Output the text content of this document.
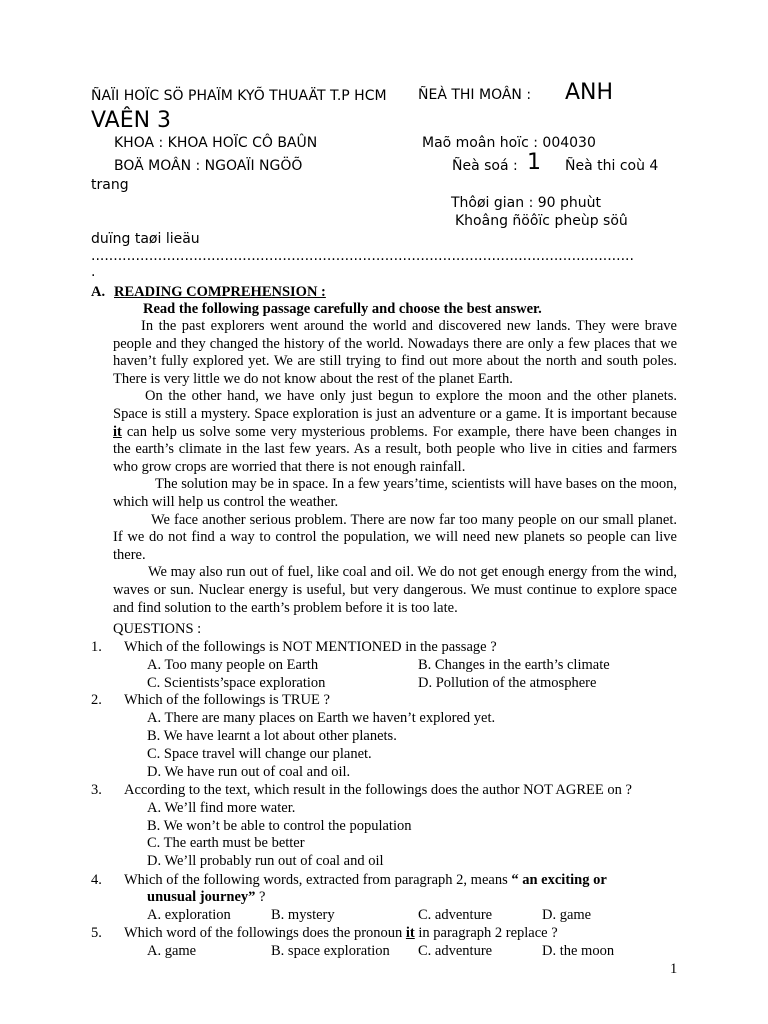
ÑAÏI HOÏC SÖ PHAÏM KYÕ THUAÄT T.P HCM ÑEÀ THI MOÂN : ANH
VAÊN 3
KHOA : KHOA HOÏC CÔ BAÛN	Maõ moân hoïc : 004030
BOÄ MOÂN : NGOAÏI NGÖÕ	Ñeà soá : 1 Ñeà thi coù 4
trang
Thôøi gian : 90 phuùt
Khoâng ñöôïc pheùp söû
duïng taøi lieäu
..........................................................................................................................
.
A. READING COMPREHENSION :
Read the following passage carefully and choose the best answer.

In the past explorers went around the world and discovered new lands. They were brave people and they changed the history of the world. Nowadays there are only a few places that we haven’t fully explored yet. We are still trying to find out more about the north and south poles. There is very little we do not know about the rest of the planet Earth.

On the other hand, we have only just begun to explore the moon and the other planets. Space is still a mystery. Space exploration is just an adventure or a game. It is important because it can help us solve some very mysterious problems. For example, there have been changes in the earth’s climate in the last few years. As a result, both people who live in cities and farmers who grow crops are worried that there is not enough rainfall.

The solution may be in space. In a few years’time, scientists will have bases on the moon, which will help us control the weather.

We face another serious problem. There are now far too many people on our small planet. If we do not find a way to control the population, we will need new planets so people can live there.

We may also run out of fuel, like coal and oil. We do not get enough energy from the wind, waves or sun. Nuclear energy is useful, but very dangerous. We must continue to explore space and find solution to the earth’s problem before it is too late.

QUESTIONS :
1. Which of the followings is NOT MENTIONED in the passage ?
A. Too many people on Earth	B. Changes in the earth’s climate
C. Scientists’space exploration	D. Pollution of the atmosphere
2. Which of the followings is TRUE ?
A. There are many places on Earth we haven’t explored yet.
B. We have learnt a lot about other planets.
C. Space travel will change our planet.
D. We have run out of coal and oil.
3. According to the text, which result in the followings does the author NOT AGREE on ?
A. We’ll find more water.
B. We won’t be able to control the population
C. The earth must be better
D. We’ll probably run out of coal and oil
4. Which of the following words, extracted from paragraph 2, means “ an exciting or
unusual journey” ?
A. exploration	B. mystery	C. adventure	D. game
5. Which word of the followings does the pronoun it in paragraph 2 replace ?
A. game	B. space exploration C. adventure	D. the moon
1
